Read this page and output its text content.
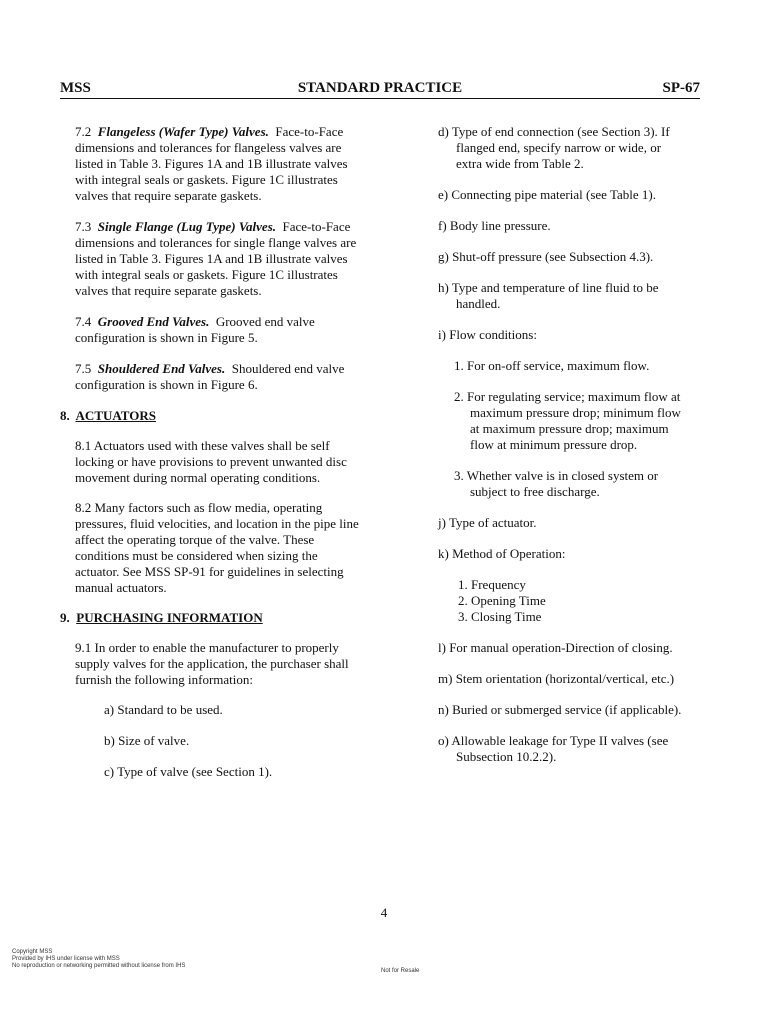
MSS	STANDARD PRACTICE	SP-67
7.2 Flangeless (Wafer Type) Valves. Face-to-Face dimensions and tolerances for flangeless valves are listed in Table 3. Figures 1A and 1B illustrate valves with integral seals or gaskets. Figure 1C illustrates valves that require separate gaskets.
7.3 Single Flange (Lug Type) Valves. Face-to-Face dimensions and tolerances for single flange valves are listed in Table 3. Figures 1A and 1B illustrate valves with integral seals or gaskets. Figure 1C illustrates valves that require separate gaskets.
7.4 Grooved End Valves. Grooved end valve configuration is shown in Figure 5.
7.5 Shouldered End Valves. Shouldered end valve configuration is shown in Figure 6.
8. ACTUATORS
8.1 Actuators used with these valves shall be self locking or have provisions to prevent unwanted disc movement during normal operating conditions.
8.2 Many factors such as flow media, operating pressures, fluid velocities, and location in the pipe line affect the operating torque of the valve. These conditions must be considered when sizing the actuator. See MSS SP-91 for guidelines in selecting manual actuators.
9. PURCHASING INFORMATION
9.1 In order to enable the manufacturer to properly supply valves for the application, the purchaser shall furnish the following information:
a) Standard to be used.
b) Size of valve.
c) Type of valve (see Section 1).
d) Type of end connection (see Section 3). If flanged end, specify narrow or wide, or extra wide from Table 2.
e) Connecting pipe material (see Table 1).
f) Body line pressure.
g) Shut-off pressure (see Subsection 4.3).
h) Type and temperature of line fluid to be handled.
i) Flow conditions:
1. For on-off service, maximum flow.
2. For regulating service; maximum flow at maximum pressure drop; minimum flow at maximum pressure drop; maximum flow at minimum pressure drop.
3. Whether valve is in closed system or subject to free discharge.
j) Type of actuator.
k) Method of Operation:
1. Frequency
2. Opening Time
3. Closing Time
l) For manual operation-Direction of closing.
m) Stem orientation (horizontal/vertical, etc.)
n) Buried or submerged service (if applicable).
o) Allowable leakage for Type II valves (see Subsection 10.2.2).
4
Copyright MSS
Provided by IHS under license with MSS
No reproduction or networking permitted without license from IHS
Not for Resale
